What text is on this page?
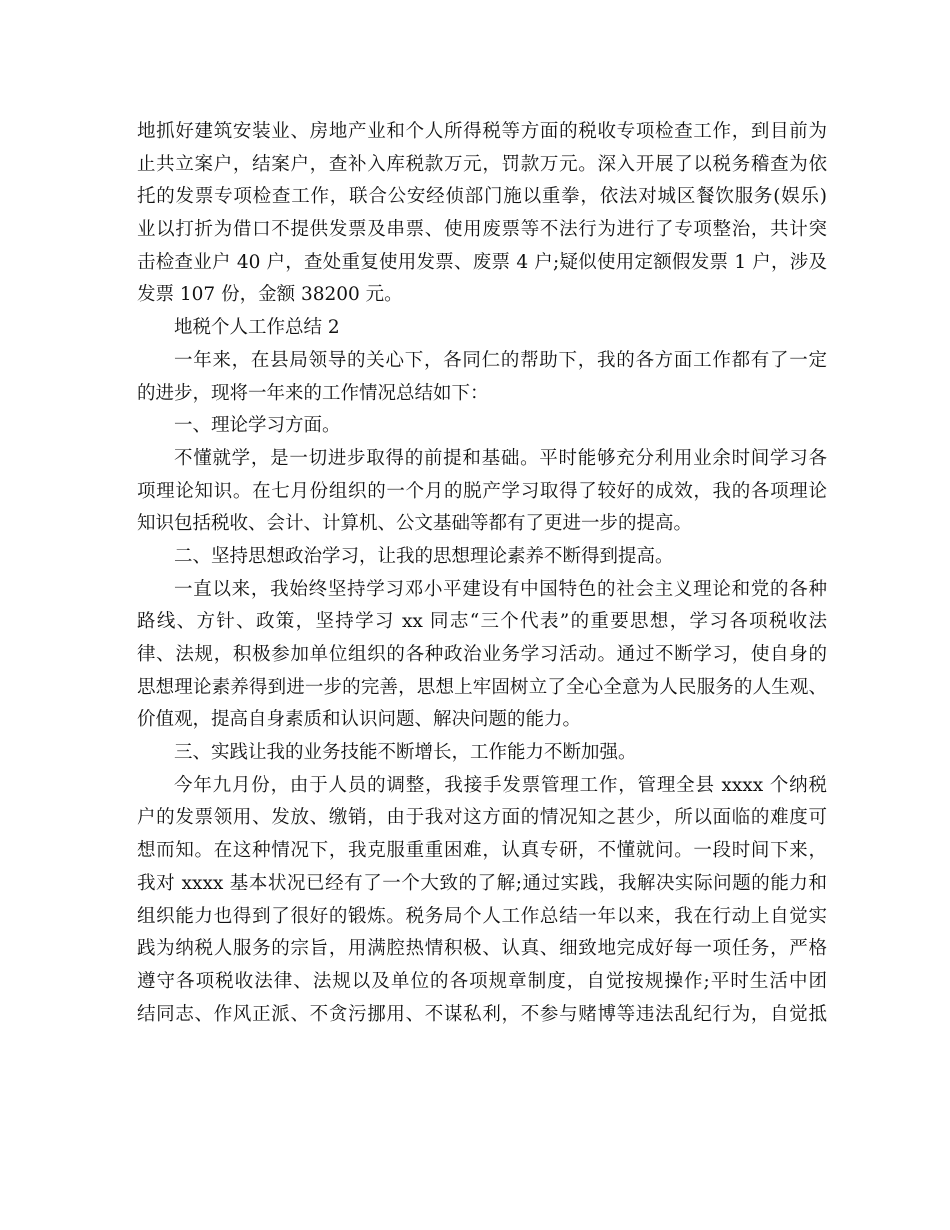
地抓好建筑安装业、房地产业和个人所得税等方面的税收专项检查工作，到目前为
止共立案户，结案户，查补入库税款万元，罚款万元。深入开展了以税务稽查为依
托的发票专项检查工作，联合公安经侦部门施以重拳，依法对城区餐饮服务(娱乐)
业以打折为借口不提供发票及串票、使用废票等不法行为进行了专项整治，共计突
击检查业户 40 户，查处重复使用发票、废票 4 户;疑似使用定额假发票 1 户，涉及
发票 107 份，金额 38200 元。
地税个人工作总结 2
一年来，在县局领导的关心下，各同仁的帮助下，我的各方面工作都有了一定
的进步，现将一年来的工作情况总结如下：
一、理论学习方面。
不懂就学，是一切进步取得的前提和基础。平时能够充分利用业余时间学习各
项理论知识。在七月份组织的一个月的脱产学习取得了较好的成效，我的各项理论
知识包括税收、会计、计算机、公文基础等都有了更进一步的提高。
二、坚持思想政治学习，让我的思想理论素养不断得到提高。
一直以来，我始终坚持学习邓小平建设有中国特色的社会主义理论和党的各种
路线、方针、政策，坚持学习 xx 同志“三个代表”的重要思想，学习各项税收法
律、法规，积极参加单位组织的各种政治业务学习活动。通过不断学习，使自身的
思想理论素养得到进一步的完善，思想上牢固树立了全心全意为人民服务的人生观、
价值观，提高自身素质和认识问题、解决问题的能力。
三、实践让我的业务技能不断增长，工作能力不断加强。
今年九月份，由于人员的调整，我接手发票管理工作，管理全县 xxxx 个纳税
户的发票领用、发放、缴销，由于我对这方面的情况知之甚少，所以面临的难度可
想而知。在这种情况下，我克服重重困难，认真专研，不懂就问。一段时间下来，
我对 xxxx 基本状况已经有了一个大致的了解;通过实践，我解决实际问题的能力和
组织能力也得到了很好的锻炼。税务局个人工作总结一年以来，我在行动上自觉实
践为纳税人服务的宗旨，用满腔热情积极、认真、细致地完成好每一项任务，严格
遵守各项税收法律、法规以及单位的各项规章制度，自觉按规操作;平时生活中团
结同志、作风正派、不贪污挪用、不谋私利，不参与赌博等违法乱纪行为，自觉抵
